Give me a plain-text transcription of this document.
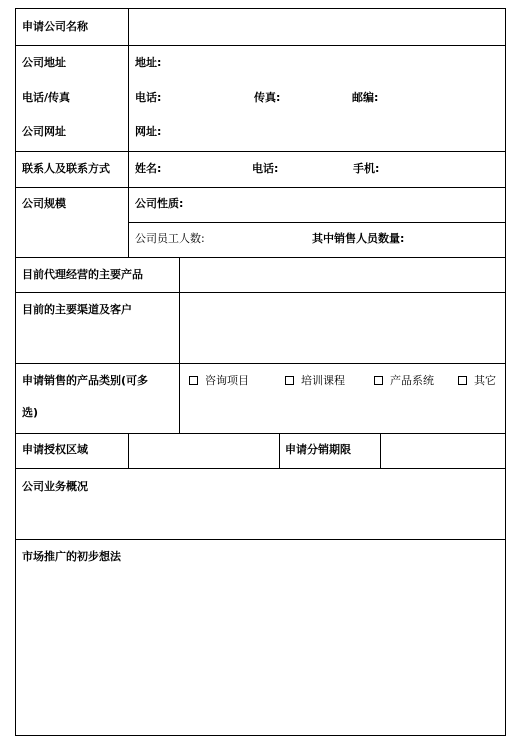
申请公司名称
公司地址	地址:
电话/传真	电话:	传真:	邮编:
公司网址	网址:
联系人及联系方式 姓名:	电话:	手机:
公司规模	公司性质:
公司员工人数:	其中销售人员数量:
目前代理经营的主要产品
目前的主要渠道及客户
申请销售的产品类别(可多
选)
咨询项目	培训课程	产品系统	其它
申请授权区域	申请分销期限
公司业务概况
市场推广的初步想法
